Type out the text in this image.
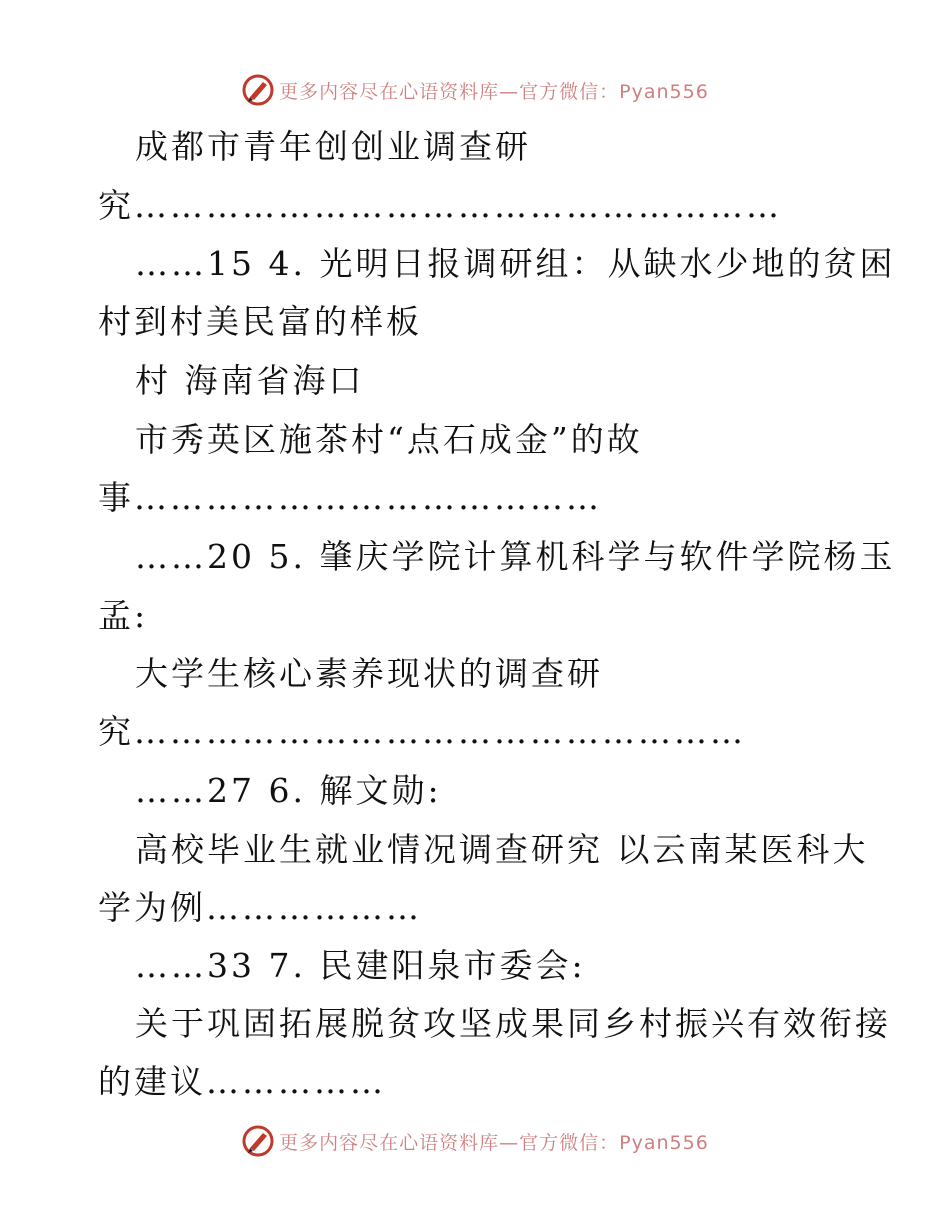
更多内容尽在心语资料库—官方微信：Pyan556
成都市青年创创业调查研
究………………………………………………
……15 4. 光明日报调研组：从缺水少地的贫困
村到村美民富的样板
村 海南省海口
市秀英区施茶村“点石成金”的故
事…………………………………
……20 5. 肇庆学院计算机科学与软件学院杨玉
孟:
大学生核心素养现状的调查研
究……………………………………………
……27 6. 解文勋:
高校毕业生就业情况调查研究 以云南某医科大
学为例………………
……33 7. 民建阳泉市委会:
关于巩固拓展脱贫攻坚成果同乡村振兴有效衔接
的建议……………
更多内容尽在心语资料库—官方微信：Pyan556
